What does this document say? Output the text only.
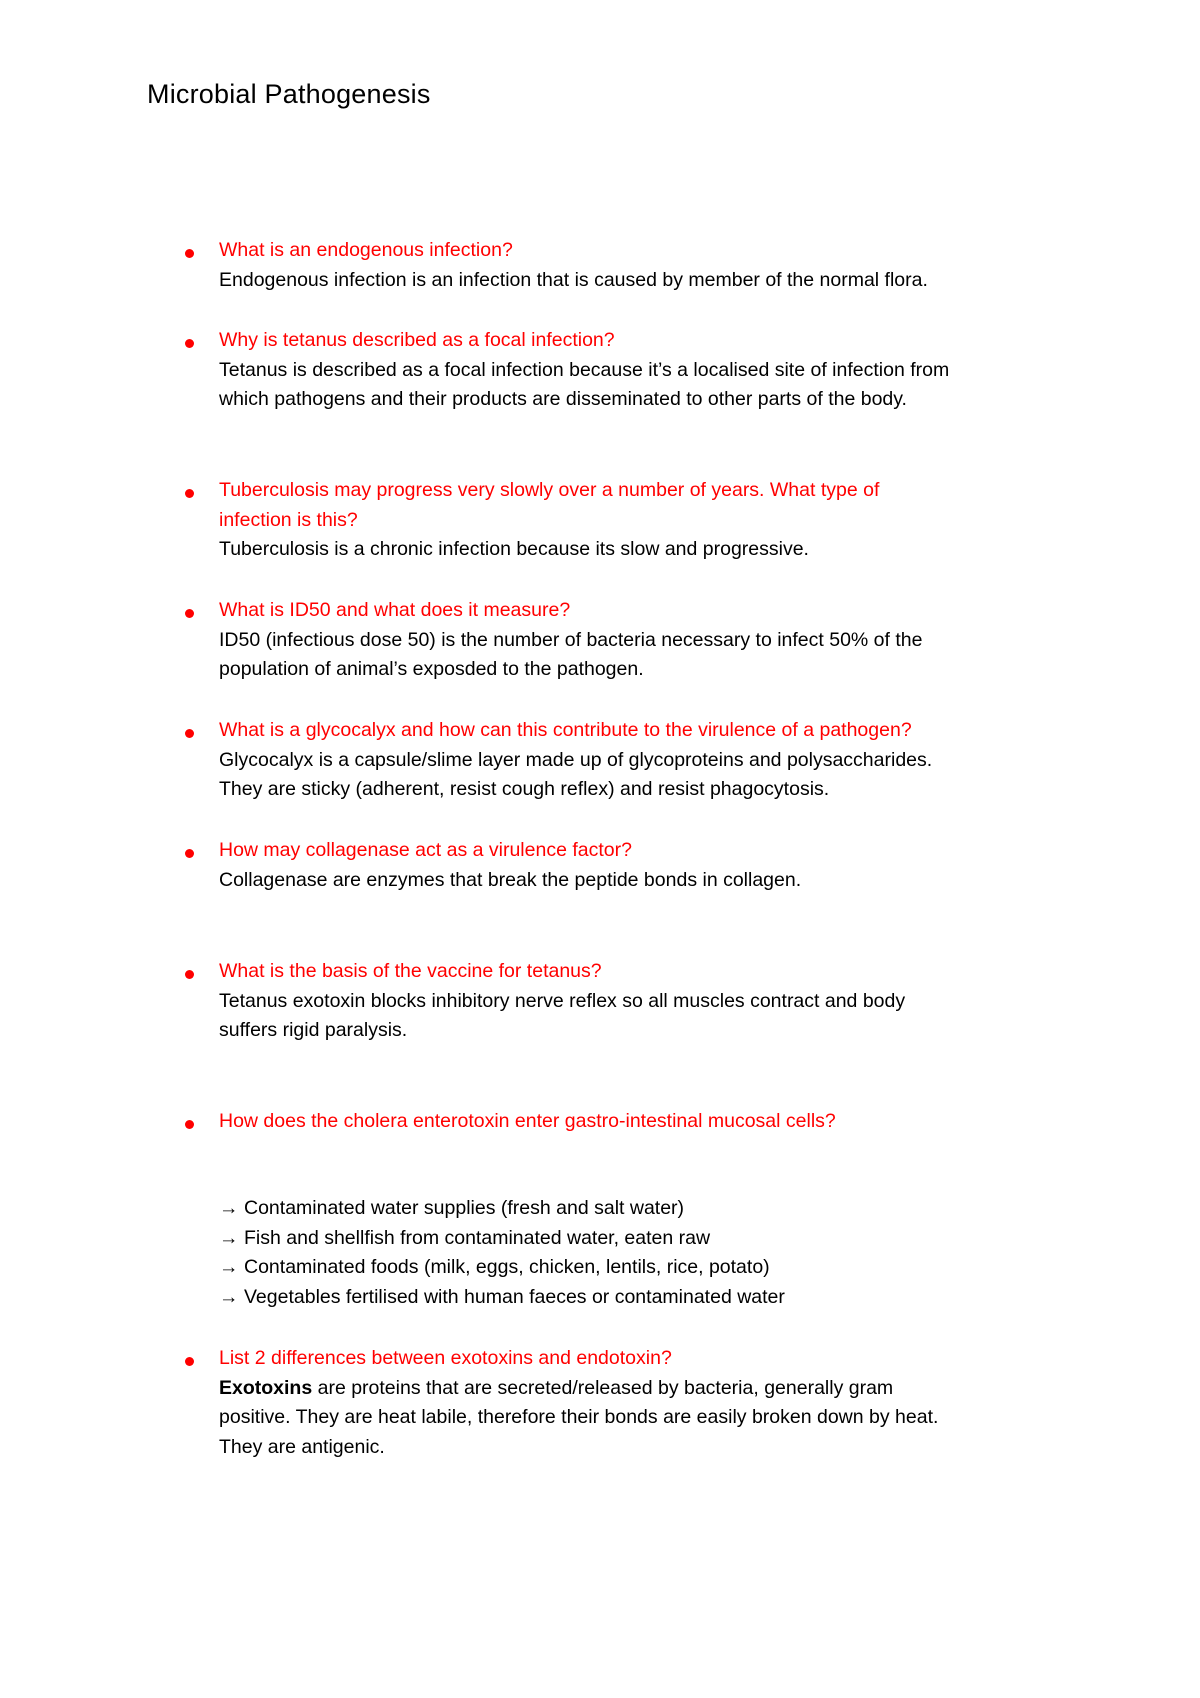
Microbial Pathogenesis

What is an endogenous infection?

Endogenous infection is an infection that is caused by member of the normal flora.

Why is tetanus described as a focal infection?

Tetanus is described as a focal infection because it’s a localised site of infection from
which pathogens and their products are disseminated to other parts of the body.

Tuberculosis may progress very slowly over a number of years. What type of
infection is this?

Tuberculosis is a chronic infection because its slow and progressive.

What is ID50 and what does it measure?

ID50 (infectious dose 50) is the number of bacteria necessary to infect 50% of the
population of animal’s exposded to the pathogen.

What is a glycocalyx and how can this contribute to the virulence of a pathogen?

Glycocalyx is a capsule/slime layer made up of glycoproteins and polysaccharides.
They are sticky (adherent, resist cough reflex) and resist phagocytosis.

How may collagenase act as a virulence factor?

Collagenase are enzymes that break the peptide bonds in collagen.

What is the basis of the vaccine for tetanus?

Tetanus exotoxin blocks inhibitory nerve reflex so all muscles contract and body
suffers rigid paralysis.

How does the cholera enterotoxin enter gastro-intestinal mucosal cells?

→ Contaminated water supplies (fresh and salt water)
→ Fish and shellfish from contaminated water, eaten raw
→ Contaminated foods (milk, eggs, chicken, lentils, rice, potato)
→ Vegetables fertilised with human faeces or contaminated water

List 2 differences between exotoxins and endotoxin?

Exotoxins are proteins that are secreted/released by bacteria, generally gram
positive. They are heat labile, therefore their bonds are easily broken down by heat.
They are antigenic.
